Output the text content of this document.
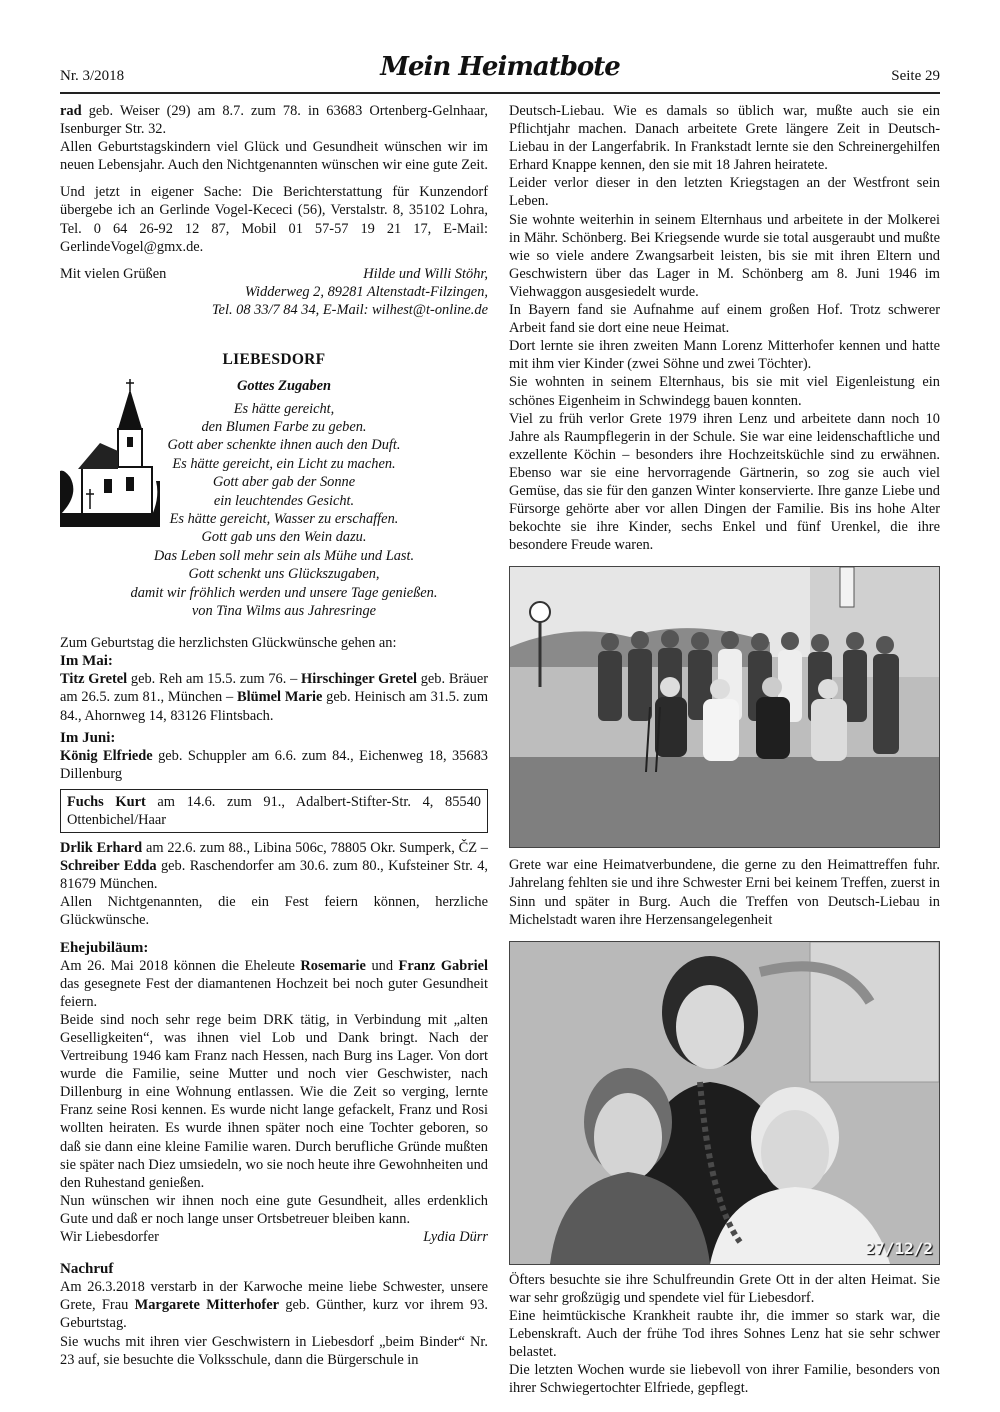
Nr. 3/2018	Mein Heimatbote	Seite 29

rad geb. Weiser (29) am 8.7. zum 78. in 63683 Ortenberg-Gelnhaar, Isenburger Str. 32.

Allen Geburtstagskindern viel Glück und Gesundheit wünschen wir im neuen Lebensjahr. Auch den Nichtgenannten wünschen wir eine gute Zeit.

Und jetzt in eigener Sache: Die Berichterstattung für Kunzendorf übergebe ich an Gerlinde Vogel-Kececi (56), Verstalstr. 8, 35102 Lohra, Tel. 0 64 26-92 12 87, Mobil 01 57-57 19 21 17, E-Mail: GerlindeVogel@gmx.de.

Mit vielen Grüßen	Hilde und Willi Stöhr,

Widderweg 2, 89281 Altenstadt-Filzingen,

Tel. 08 33/7 84 34, E-Mail: wilhest@t-online.de

LIEBESDORF
Gottes Zugaben
Es hätte gereicht,
den Blumen Farbe zu geben.
Gott aber schenkte ihnen auch den Duft.
Es hätte gereicht, ein Licht zu machen.
Gott aber gab der Sonne
ein leuchtendes Gesicht.
Es hätte gereicht, Wasser zu erschaffen.
Gott gab uns den Wein dazu.
Das Leben soll mehr sein als Mühe und Last.
Gott schenkt uns Glückszugaben,
damit wir fröhlich werden und unsere Tage genießen.
von Tina Wilms aus Jahresringe

Zum Geburtstag die herzlichsten Glückwünsche gehen an:

Im Mai:

Titz Gretel geb. Reh am 15.5. zum 76. – Hirschinger Gretel geb. Bräuer am 26.5. zum 81., München – Blümel Marie geb. Heinisch am 31.5. zum 84., Ahornweg 14, 83126 Flintsbach.

Im Juni:

König Elfriede geb. Schuppler am 6.6. zum 84., Eichenweg 18, 35683 Dillenburg

Fuchs Kurt am 14.6. zum 91., Adalbert-Stifter-Str. 4, 85540 Ottenbichel/Haar

Drlik Erhard am 22.6. zum 88., Libina 506c, 78805 Okr. Sumperk, ČZ – Schreiber Edda geb. Raschendorfer am 30.6. zum 80., Kufsteiner Str. 4, 81679 München.

Allen Nichtgenannten, die ein Fest feiern können, herzliche Glückwünsche.

Ehejubiläum:

Am 26. Mai 2018 können die Eheleute Rosemarie und Franz Gabriel das gesegnete Fest der diamantenen Hochzeit bei noch guter Gesundheit feiern.

Beide sind noch sehr rege beim DRK tätig, in Verbindung mit „alten Geselligkeiten“, was ihnen viel Lob und Dank bringt. Nach der Vertreibung 1946 kam Franz nach Hessen, nach Burg ins Lager. Von dort wurde die Familie, seine Mutter und noch vier Geschwister, nach Dillenburg in eine Wohnung entlassen. Wie die Zeit so verging, lernte Franz seine Rosi kennen. Es wurde nicht lange gefackelt, Franz und Rosi wollten heiraten. Es wurde ihnen später noch eine Tochter geboren, so daß sie dann eine kleine Familie waren. Durch berufliche Gründe mußten sie später nach Diez umsiedeln, wo sie noch heute ihre Gewohnheiten und den Ruhestand genießen.

Nun wünschen wir ihnen noch eine gute Gesundheit, alles erdenklich Gute und daß er noch lange unser Ortsbetreuer bleiben kann.

Wir Liebesdorfer	Lydia Dürr

Nachruf

Am 26.3.2018 verstarb in der Karwoche meine liebe Schwester, unsere Grete, Frau Margarete Mitterhofer geb. Günther, kurz vor ihrem 93. Geburtstag.

Sie wuchs mit ihren vier Geschwistern in Liebesdorf „beim Binder“ Nr. 23 auf, sie besuchte die Volksschule, dann die Bürgerschule in

Deutsch-Liebau. Wie es damals so üblich war, mußte auch sie ein Pflichtjahr machen. Danach arbeitete Grete längere Zeit in Deutsch-Liebau in der Langerfabrik. In Frankstadt lernte sie den Schreinergehilfen Erhard Knappe kennen, den sie mit 18 Jahren heiratete.

Leider verlor dieser in den letzten Kriegstagen an der Westfront sein Leben.

Sie wohnte weiterhin in seinem Elternhaus und arbeitete in der Molkerei in Mähr. Schönberg. Bei Kriegsende wurde sie total ausgeraubt und mußte wie so viele andere Zwangsarbeit leisten, bis sie mit ihren Eltern und Geschwistern über das Lager in M. Schönberg am 8. Juni 1946 im Viehwaggon ausgesiedelt wurde.

In Bayern fand sie Aufnahme auf einem großen Hof. Trotz schwerer Arbeit fand sie dort eine neue Heimat.

Dort lernte sie ihren zweiten Mann Lorenz Mitterhofer kennen und hatte mit ihm vier Kinder (zwei Söhne und zwei Töchter).

Sie wohnten in seinem Elternhaus, bis sie mit viel Eigenleistung ein schönes Eigenheim in Schwindegg bauen konnten.

Viel zu früh verlor Grete 1979 ihren Lenz und arbeitete dann noch 10 Jahre als Raumpflegerin in der Schule. Sie war eine leidenschaftliche und exzellente Köchin – besonders ihre Hochzeitsküchle sind zu erwähnen. Ebenso war sie eine hervorragende Gärtnerin, so zog sie auch viel Gemüse, das sie für den ganzen Winter konservierte. Ihre ganze Liebe und Fürsorge gehörte aber vor allen Dingen der Familie. Bis ins hohe Alter bekochte sie ihre Kinder, sechs Enkel und fünf Urenkel, die ihre besondere Freude waren.

Grete war eine Heimatverbundene, die gerne zu den Heimattreffen fuhr. Jahrelang fehlten sie und ihre Schwester Erni bei keinem Treffen, zuerst in Sinn und später in Burg. Auch die Treffen von Deutsch-Liebau in Michelstadt waren ihre Herzensangelegenheit

27/12/2

Öfters besuchte sie ihre Schulfreundin Grete Ott in der alten Heimat. Sie war sehr großzügig und spendete viel für Liebesdorf.

Eine heimtückische Krankheit raubte ihr, die immer so stark war, die Lebenskraft. Auch der frühe Tod ihres Sohnes Lenz hat sie sehr schwer belastet.

Die letzten Wochen wurde sie liebevoll von ihrer Familie, besonders von ihrer Schwiegertochter Elfriede, gepflegt.
